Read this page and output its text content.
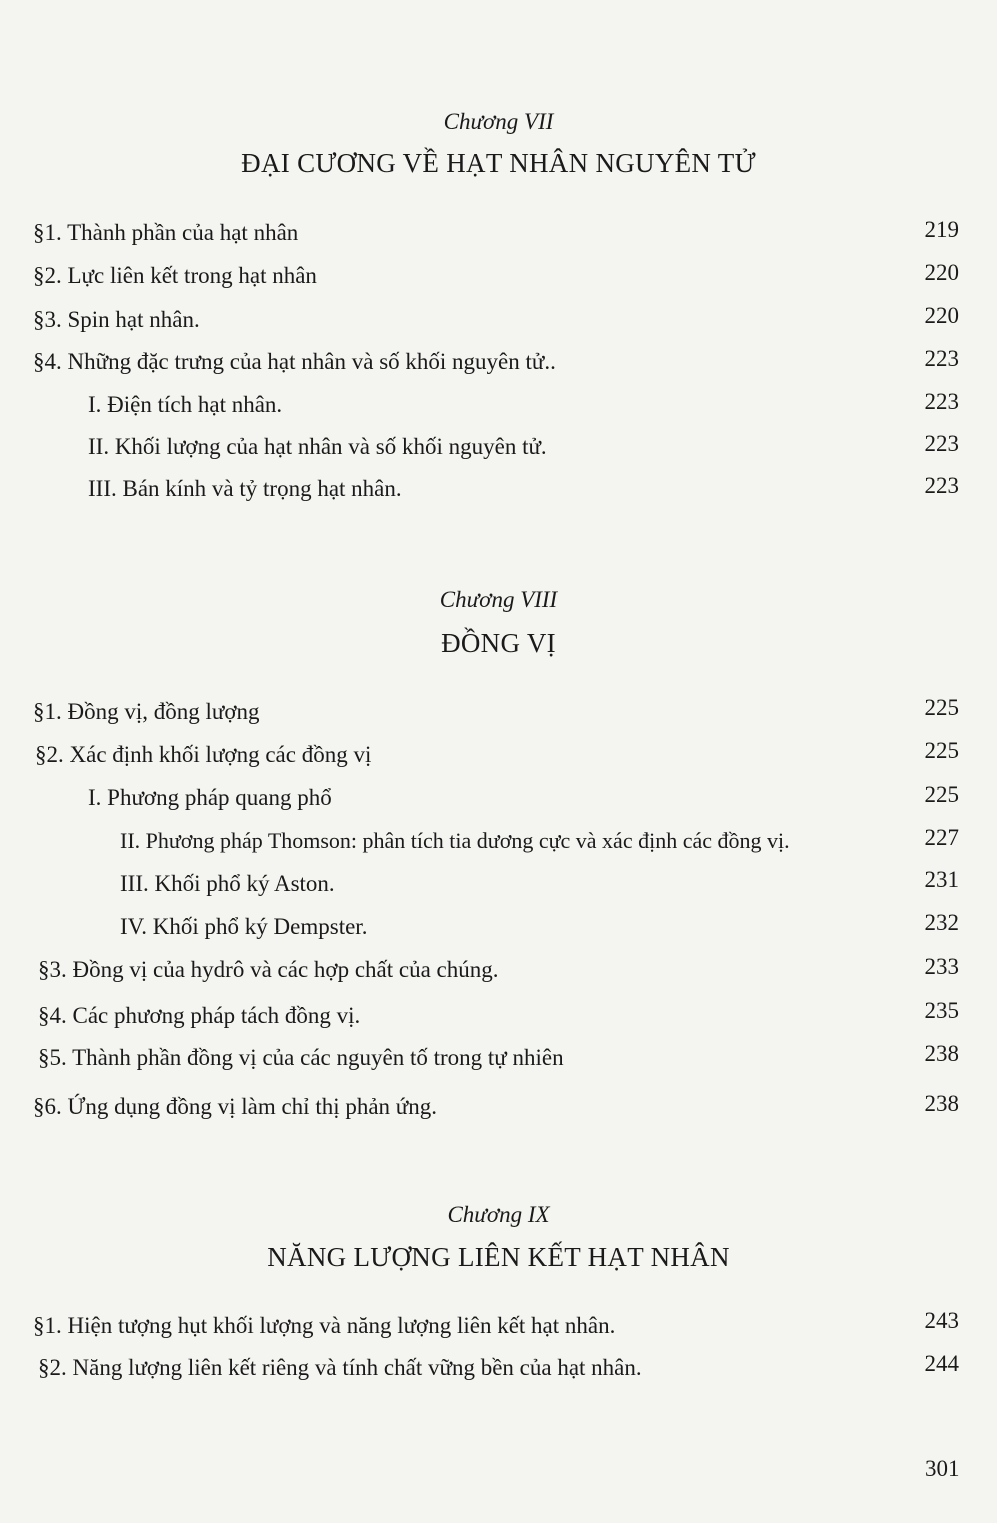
Chương VII
ĐẠI CƯƠNG VỀ HẠT NHÂN NGUYÊN TỬ
§1. Thành phần của hạt nhân	219
§2. Lực liên kết trong hạt nhân	220
§3. Spin hạt nhân.	220
§4. Những đặc trưng của hạt nhân và số khối nguyên tử..	223
I. Điện tích hạt nhân.	223
II. Khối lượng của hạt nhân và số khối nguyên tử.	223
III. Bán kính và tỷ trọng hạt nhân.	223
Chương VIII
ĐỒNG VỊ
§1. Đồng vị, đồng lượng	225
§2. Xác định khối lượng các đồng vị	225
I. Phương pháp quang phổ	225
II. Phương pháp Thomson: phân tích tia dương cực và xác định các đồng vị.	227
III. Khối phổ ký Aston.	231
IV. Khối phổ ký Dempster.	232
§3. Đồng vị của hydrô và các hợp chất của chúng.	233
§4. Các phương pháp tách đồng vị.	235
§5. Thành phần đồng vị của các nguyên tố trong tự nhiên	238
§6. Ứng dụng đồng vị làm chỉ thị phản ứng.	238
Chương IX
NĂNG LƯỢNG LIÊN KẾT HẠT NHÂN
§1. Hiện tượng hụt khối lượng và năng lượng liên kết hạt nhân.	243
§2. Năng lượng liên kết riêng và tính chất vững bền của hạt nhân.	244
301
